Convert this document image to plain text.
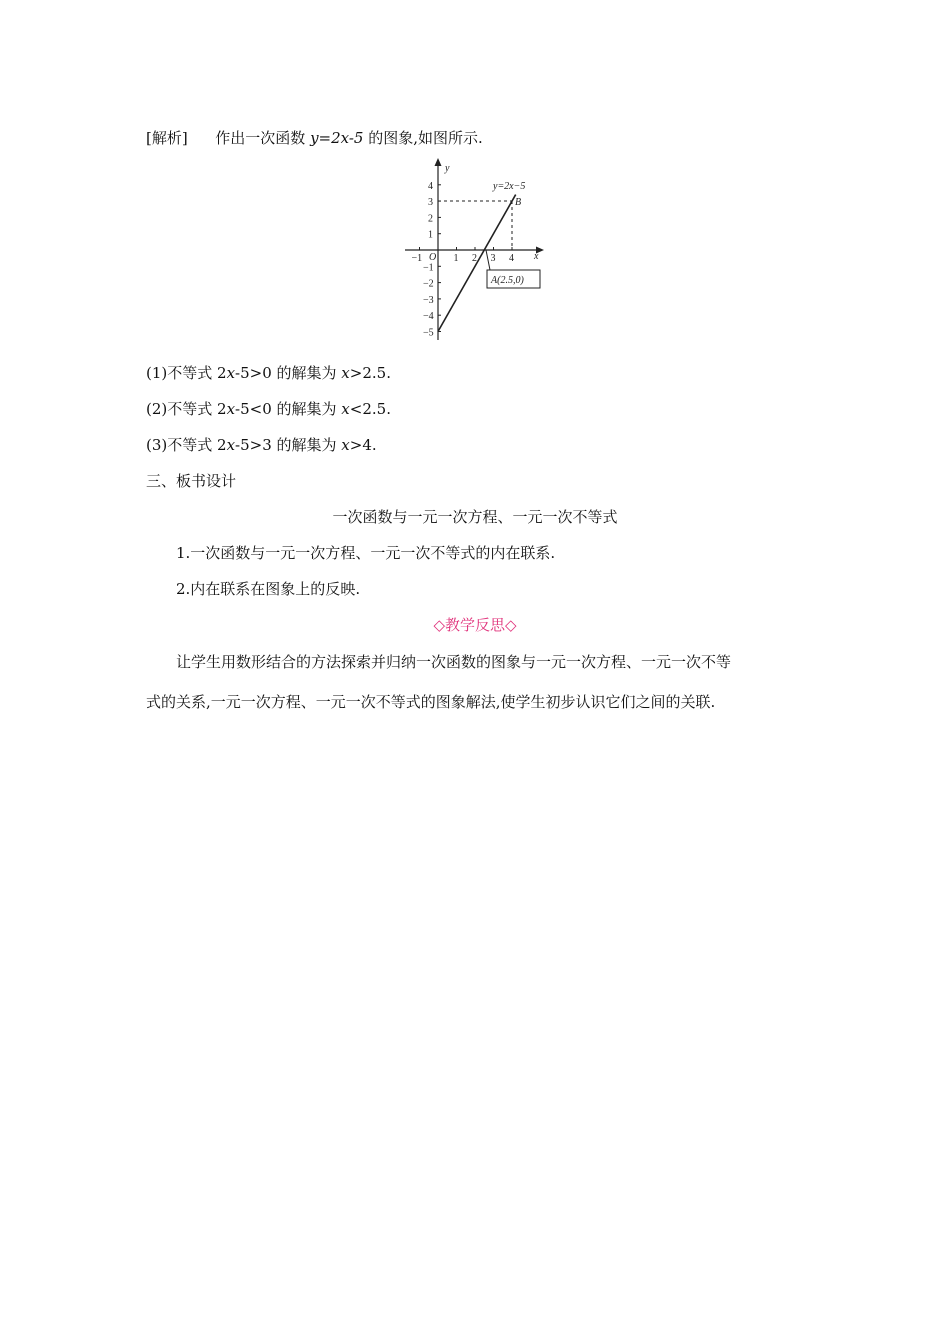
[解析] 作出一次函数 y=2x-5 的图象,如图所示.
−1	1 2 3 4
4
3
2
1
−1
−2
−3
−4
−5
x
y
O
y=2x−5
B
A(2.5,0)
(1)不等式 2x-5>0 的解集为 x>2.5.
(2)不等式 2x-5<0 的解集为 x<2.5.
(3)不等式 2x-5>3 的解集为 x>4.
三、板书设计
一次函数与一元一次方程、一元一次不等式
1.一次函数与一元一次方程、一元一次不等式的内在联系.
2.内在联系在图象上的反映.
◇教学反思◇
让学生用数形结合的方法探索并归纳一次函数的图象与一元一次方程、一元一次不等
式的关系,一元一次方程、一元一次不等式的图象解法,使学生初步认识它们之间的关联.
